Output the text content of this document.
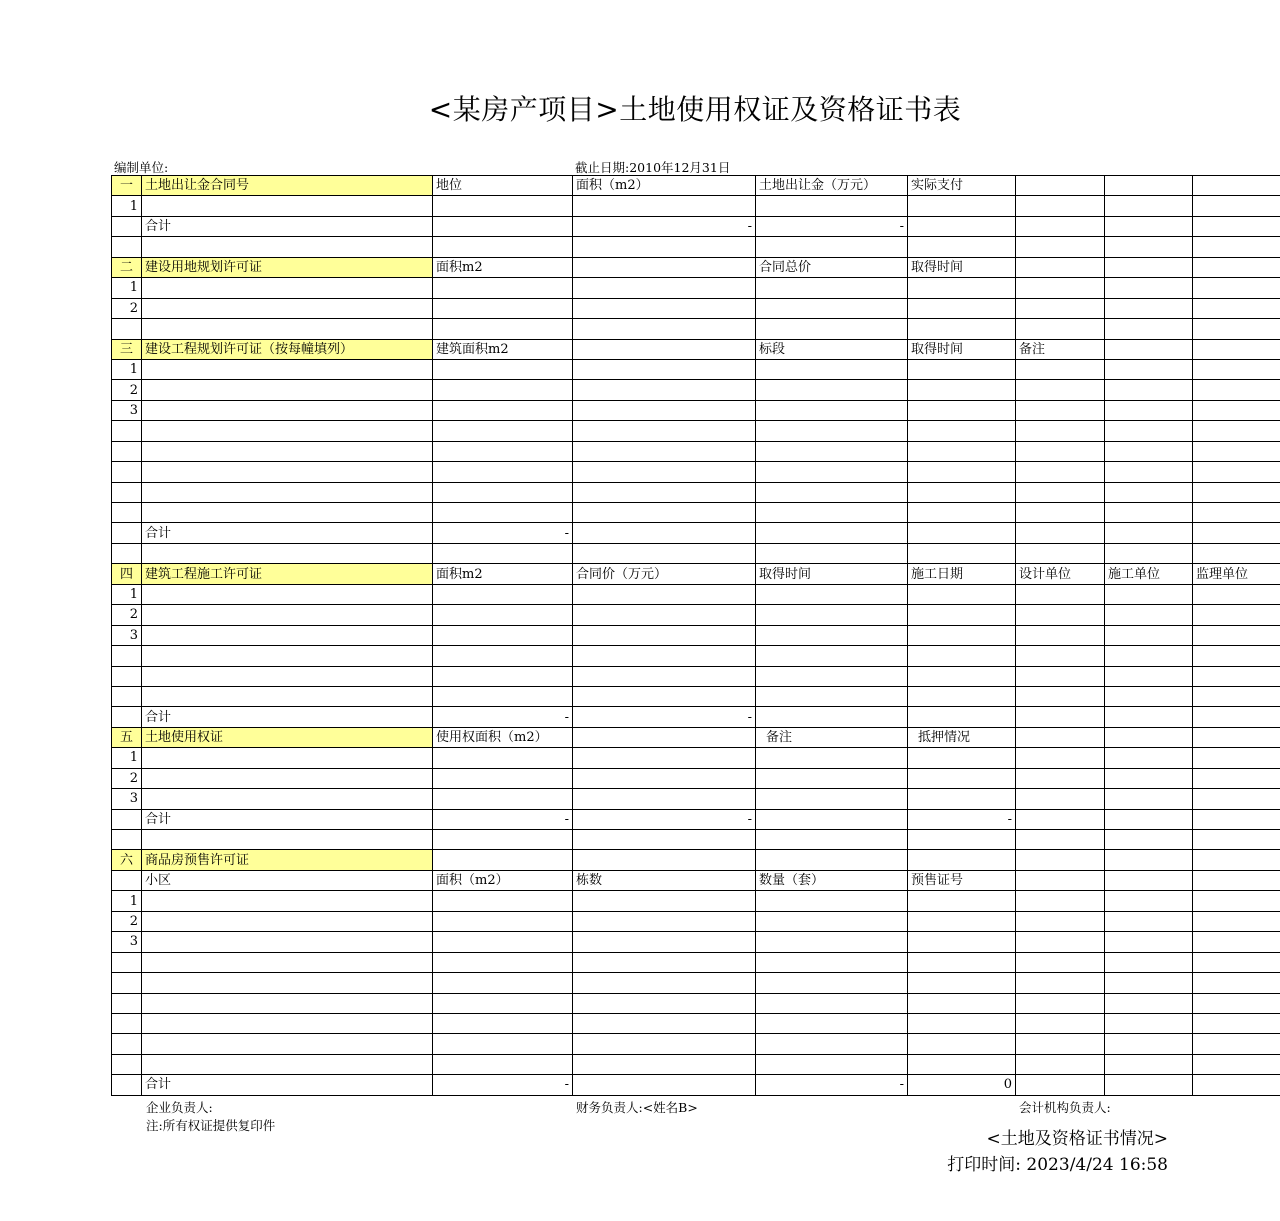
<某房产项目>土地使用权证及资格证书表
编制单位:	截止日期:2010年12月31日
一	土地出让金合同号	地位	面积（m2）	土地出让金（万元）	实际支付			
1								
	合计		-	-				

二	建设用地规划许可证	面积m2		合同总价	取得时间			
1								
2								

三	建设工程规划许可证（按每幢填列）	建筑面积m2		标段	取得时间	备注		
1								
2								
3								

	合计	-						

四	建筑工程施工许可证	面积m2	合同价（万元）	取得时间	施工日期	设计单位	施工单位	监理单位
1								
2								
3								

	合计	-	-					
五	土地使用权证	使用权面积（m2）		备注	抵押情况			
1								
2								
3								
	合计	-	-		-			

六	商品房预售许可证							
	小区	面积（m2）	栋数	数量（套）	预售证号			
1								
2								
3								

	合计	-		-	0			
企业负责人:	财务负责人:<姓名B>	会计机构负责人:
注:所有权证提供复印件
<土地及资格证书情况>
打印时间: 2023/4/24 16:58
